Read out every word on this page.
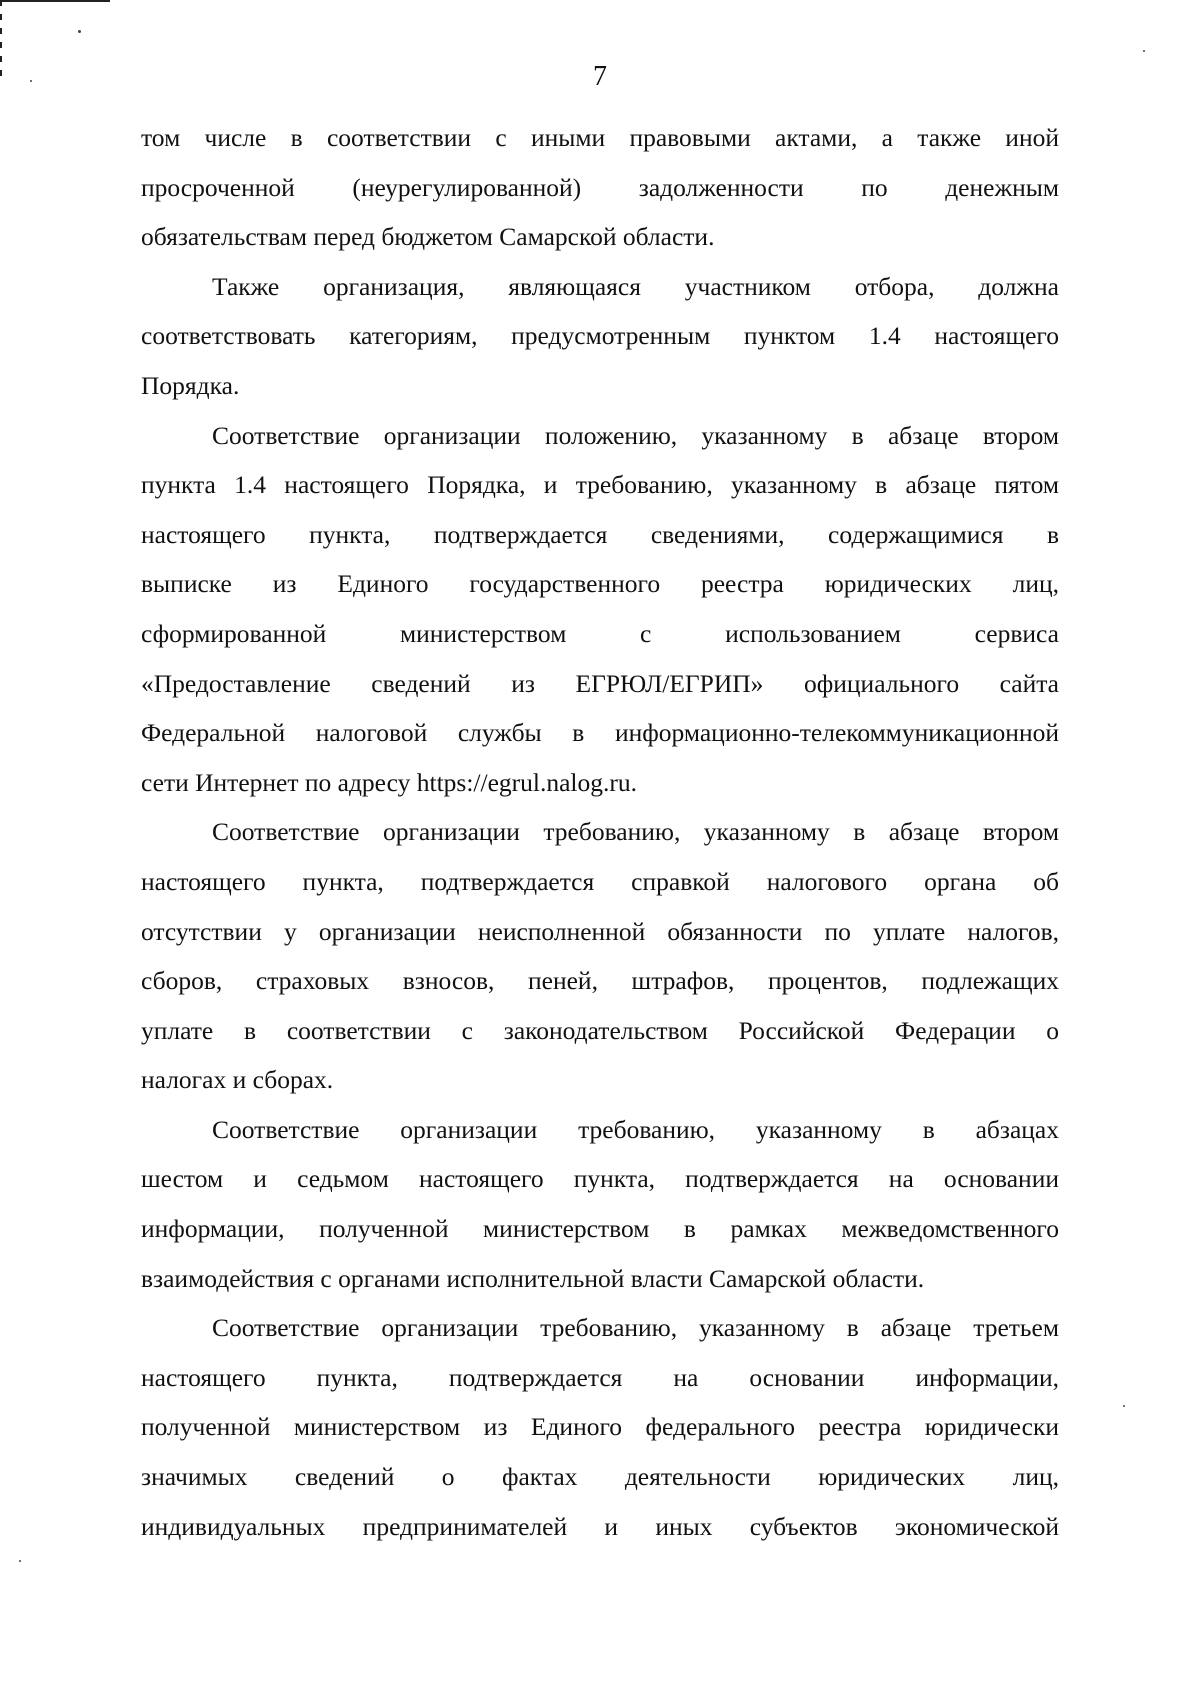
7
том числе в соответствии с иными правовыми актами, а также иной
просроченной (неурегулированной) задолженности по денежным
обязательствам перед бюджетом Самарской области.
Также организация, являющаяся участником отбора, должна
соответствовать категориям, предусмотренным пунктом 1.4 настоящего
Порядка.
Соответствие организации положению, указанному в абзаце втором
пункта 1.4 настоящего Порядка, и требованию, указанному в абзаце пятом
настоящего пункта, подтверждается сведениями, содержащимися в
выписке из Единого государственного реестра юридических лиц,
сформированной министерством с использованием сервиса
«Предоставление сведений из ЕГРЮЛ/ЕГРИП» официального сайта
Федеральной налоговой службы в информационно-телекоммуникационной
сети Интернет по адресу https://egrul.nalog.ru.
Соответствие организации требованию, указанному в абзаце втором
настоящего пункта, подтверждается справкой налогового органа об
отсутствии у организации неисполненной обязанности по уплате налогов,
сборов, страховых взносов, пеней, штрафов, процентов, подлежащих
уплате в соответствии с законодательством Российской Федерации о
налогах и сборах.
Соответствие организации требованию, указанному в абзацах
шестом и седьмом настоящего пункта, подтверждается на основании
информации, полученной министерством в рамках межведомственного
взаимодействия с органами исполнительной власти Самарской области.
Соответствие организации требованию, указанному в абзаце третьем
настоящего пункта, подтверждается на основании информации,
полученной министерством из Единого федерального реестра юридически
значимых сведений о фактах деятельности юридических лиц,
индивидуальных предпринимателей и иных субъектов экономической
